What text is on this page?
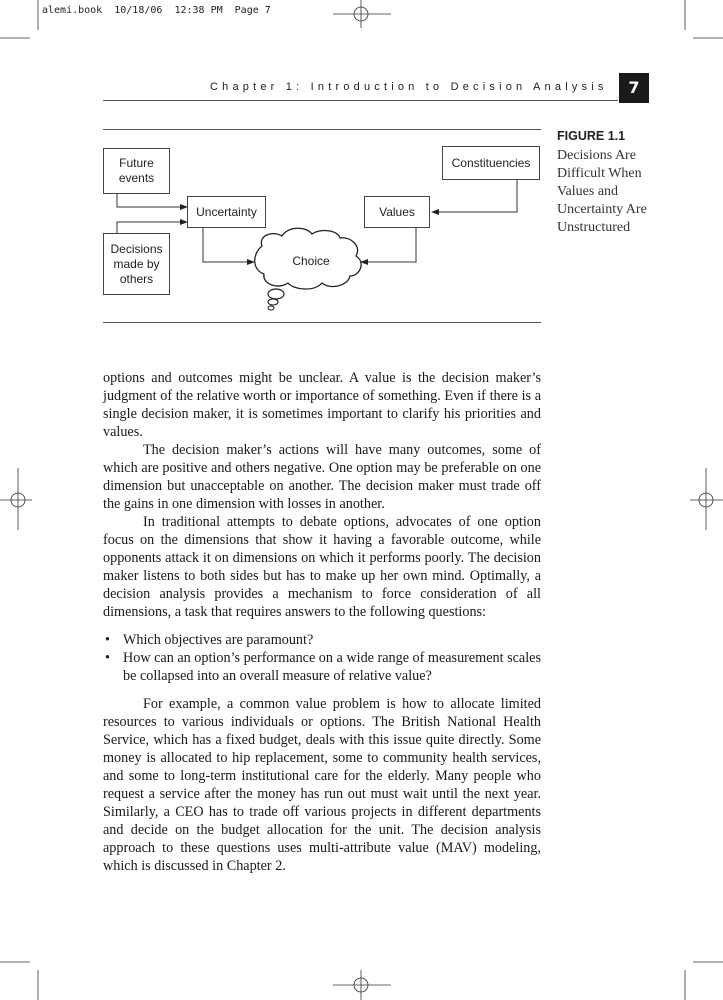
alemi.book  10/18/06  12:38 PM  Page 7
Chapter 1: Introduction to Decision Analysis	7
Future
events
Decisions
made by
others
Uncertainty	Values
Constituencies
Choice
FIGURE 1.1
Decisions Are Difficult When Values and Uncertainty Are Unstructured

options and outcomes might be unclear. A value is the decision maker’s judgment of the relative worth or importance of something. Even if there is a single decision maker, it is sometimes important to clarify his priorities and values.

The decision maker’s actions will have many outcomes, some of which are positive and others negative. One option may be preferable on one dimension but unacceptable on another. The decision maker must trade off the gains in one dimension with losses in another.

In traditional attempts to debate options, advocates of one option focus on the dimensions that show it having a favorable outcome, while opponents attack it on dimensions on which it performs poorly. The decision maker listens to both sides but has to make up her own mind. Optimally, a decision analysis provides a mechanism to force consideration of all dimensions, a task that requires answers to the following questions:

• Which objectives are paramount?
• How can an option’s performance on a wide range of measurement scales be collapsed into an overall measure of relative value?

For example, a common value problem is how to allocate limited resources to various individuals or options. The British National Health Service, which has a fixed budget, deals with this issue quite directly. Some money is allocated to hip replacement, some to community health services, and some to long-term institutional care for the elderly. Many people who request a service after the money has run out must wait until the next year. Similarly, a CEO has to trade off various projects in different departments and decide on the budget allocation for the unit. The decision analysis approach to these questions uses multi-attribute value (MAV) modeling, which is discussed in Chapter 2.
